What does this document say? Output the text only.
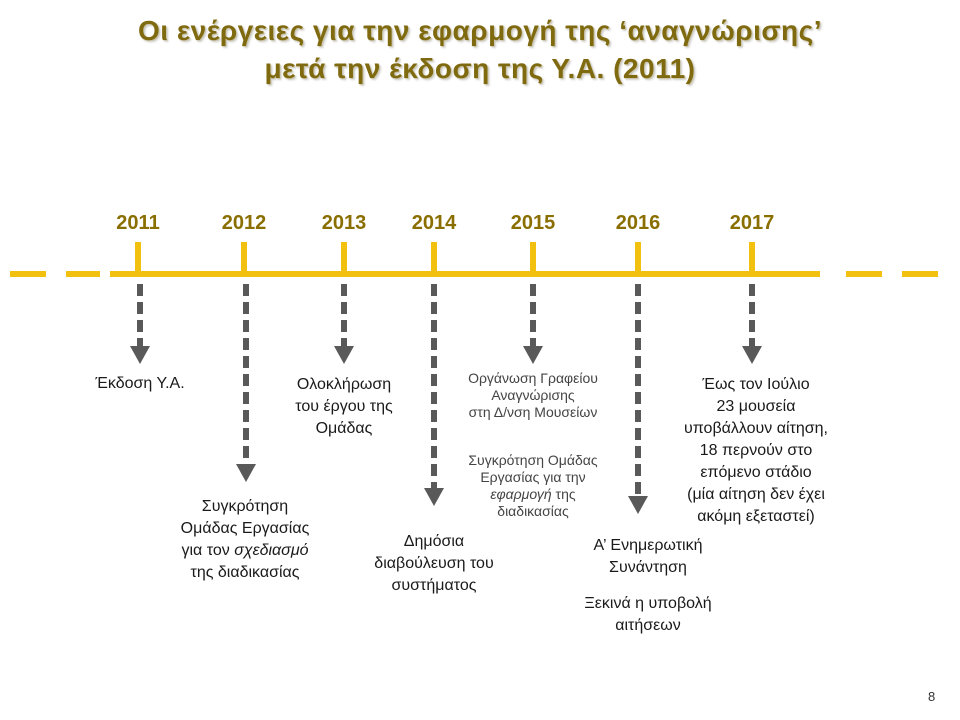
Οι ενέργειες για την εφαρμογή της ‘αναγνώρισης’
μετά την έκδοση της Υ.Α. (2011)
2011	2012	2013	2014	2015	2016	2017
Έκδοση Υ.Α.
Συγκρότηση
Ομάδας Εργασίας
για τον σχεδιασμό
της διαδικασίας
Ολοκλήρωση
του έργου της
Ομάδας
Δημόσια
διαβούλευση του
συστήματος
Οργάνωση Γραφείου
Αναγνώρισης
στη Δ/νση Μουσείων
Συγκρότηση Ομάδας
Εργασίας για την
εφαρμογή της
διαδικασίας
Α’ Ενημερωτική
Συνάντηση
Ξεκινά η υποβολή
αιτήσεων
Έως τον Ιούλιο
23 μουσεία
υποβάλλουν αίτηση,
18 περνούν στο
επόμενο στάδιο
(μία αίτηση δεν έχει
ακόμη εξεταστεί)
8
